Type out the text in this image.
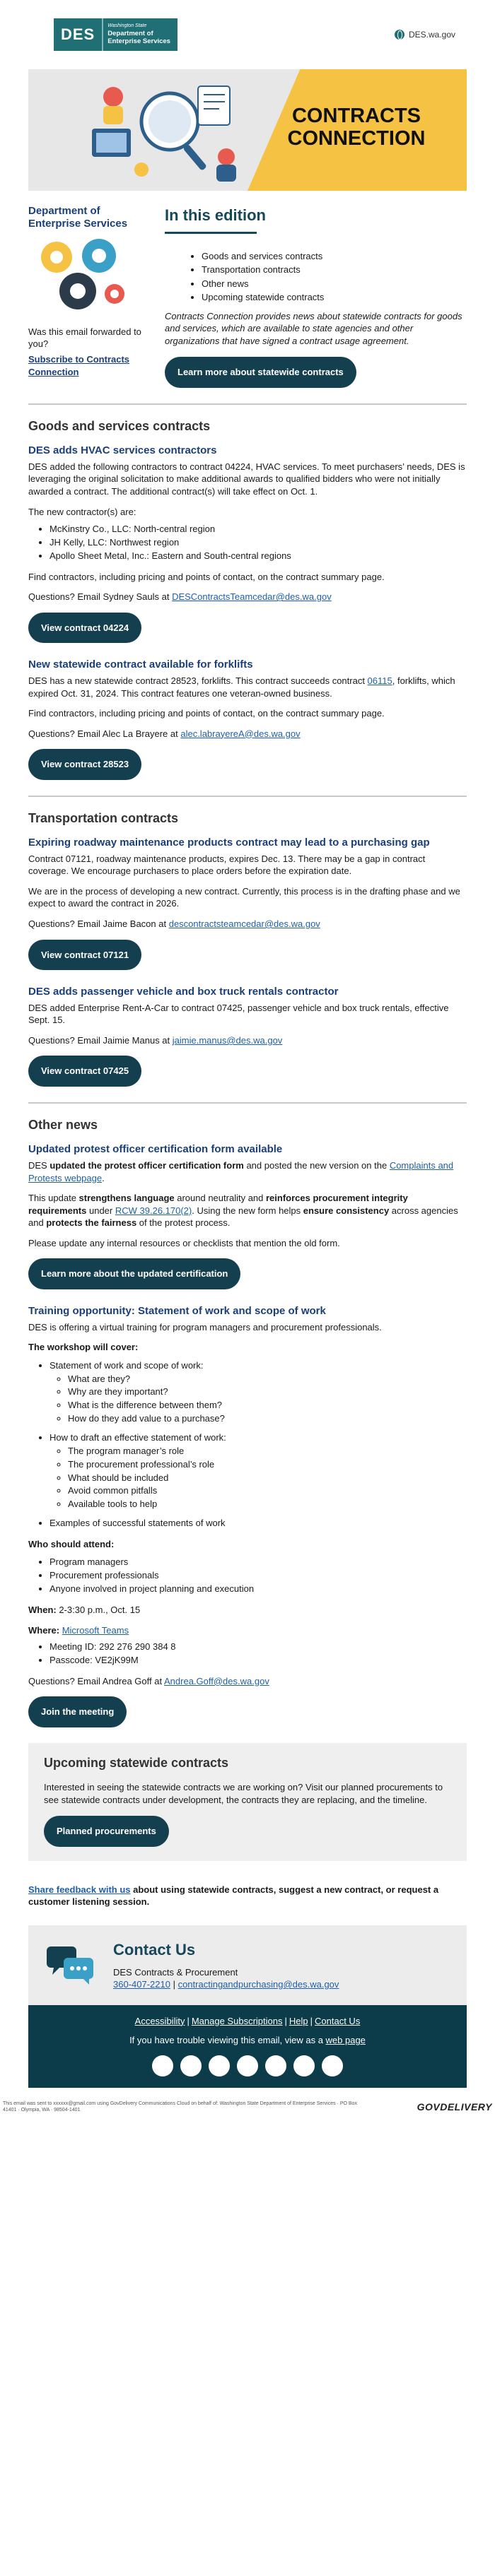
DES	Washington State
Department of
Enterprise Services
DES.wa.gov
CONTRACTS
CONNECTION
Department of Enterprise Services

Was this email forwarded to you?

Subscribe to Contracts Connection

In this edition
• Goods and services contracts
• Transportation contracts
• Other news
• Upcoming statewide contracts

Contracts Connection provides news about statewide contracts for goods and services, which are available to state agencies and other organizations that have signed a contract usage agreement.

Learn more about statewide contracts
Goods and services contracts
DES adds HVAC services contractors

DES added the following contractors to contract 04224, HVAC services. To meet purchasers’ needs, DES is leveraging the original solicitation to make additional awards to qualified bidders who were not initially awarded a contract. The additional contract(s) will take effect on Oct. 1.

The new contractor(s) are:

• McKinstry Co., LLC: North-central region
• JH Kelly, LLC: Northwest region
• Apollo Sheet Metal, Inc.: Eastern and South-central regions

Find contractors, including pricing and points of contact, on the contract summary page.

Questions? Email Sydney Sauls at DESContractsTeamcedar@des.wa.gov

View contract 04224
New statewide contract available for forklifts

DES has a new statewide contract 28523, forklifts. This contract succeeds contract 06115, forklifts, which expired Oct. 31, 2024. This contract features one veteran-owned business.

Find contractors, including pricing and points of contact, on the contract summary page.

Questions? Email Alec La Brayere at alec.labrayereA@des.wa.gov

View contract 28523
Transportation contracts
Expiring roadway maintenance products contract may lead to a purchasing gap

Contract 07121, roadway maintenance products, expires Dec. 13. There may be a gap in contract coverage. We encourage purchasers to place orders before the expiration date.

We are in the process of developing a new contract. Currently, this process is in the drafting phase and we expect to award the contract in 2026.

Questions? Email Jaime Bacon at descontractsteamcedar@des.wa.gov

View contract 07121
DES adds passenger vehicle and box truck rentals contractor

DES added Enterprise Rent-A-Car to contract 07425, passenger vehicle and box truck rentals, effective Sept. 15.

Questions? Email Jaimie Manus at jaimie.manus@des.wa.gov

View contract 07425
Other news
Updated protest officer certification form available

DES updated the protest officer certification form and posted the new version on the Complaints and Protests webpage.

This update strengthens language around neutrality and reinforces procurement integrity requirements under RCW 39.26.170(2). Using the new form helps ensure consistency across agencies and protects the fairness of the protest process.

Please update any internal resources or checklists that mention the old form.

Learn more about the updated certification
Training opportunity: Statement of work and scope of work

DES is offering a virtual training for program managers and procurement professionals.

The workshop will cover:
• Statement of work and scope of work:
◦ What are they?
◦ Why are they important?
◦ What is the difference between them?
◦ How do they add value to a purchase?
• How to draft an effective statement of work:
◦ The program manager’s role
◦ The procurement professional’s role
◦ What should be included
◦ Avoid common pitfalls
◦ Available tools to help
• Examples of successful statements of work
Who should attend:
• Program managers
• Procurement professionals
• Anyone involved in project planning and execution

When: 2-3:30 p.m., Oct. 15

Where: Microsoft Teams

• Meeting ID: 292 276 290 384 8
• Passcode: VE2jK99M

Questions? Email Andrea Goff at Andrea.Goff@des.wa.gov

Join the meeting
Upcoming statewide contracts

Interested in seeing the statewide contracts we are working on? Visit our planned procurements to see statewide contracts under development, the contracts they are replacing, and the timeline.

Planned procurements
Share feedback with us about using statewide contracts, suggest a new contract, or request a customer listening session.
Contact Us

DES Contracts & Procurement

360-407-2210 | contractingandpurchasing@des.wa.gov

Accessibility | Manage Subscriptions | Help | Contact Us
If you have trouble viewing this email, view as a web page
𝕏	f	▶	in	••	◎	@
This email was sent to xxxxxx@gmail.com using GovDelivery Communications Cloud on behalf of: Washington State Department of Enterprise Services · PO Box 41401 · Olympia, WA · 98504-1401	GOVDELIVERY
